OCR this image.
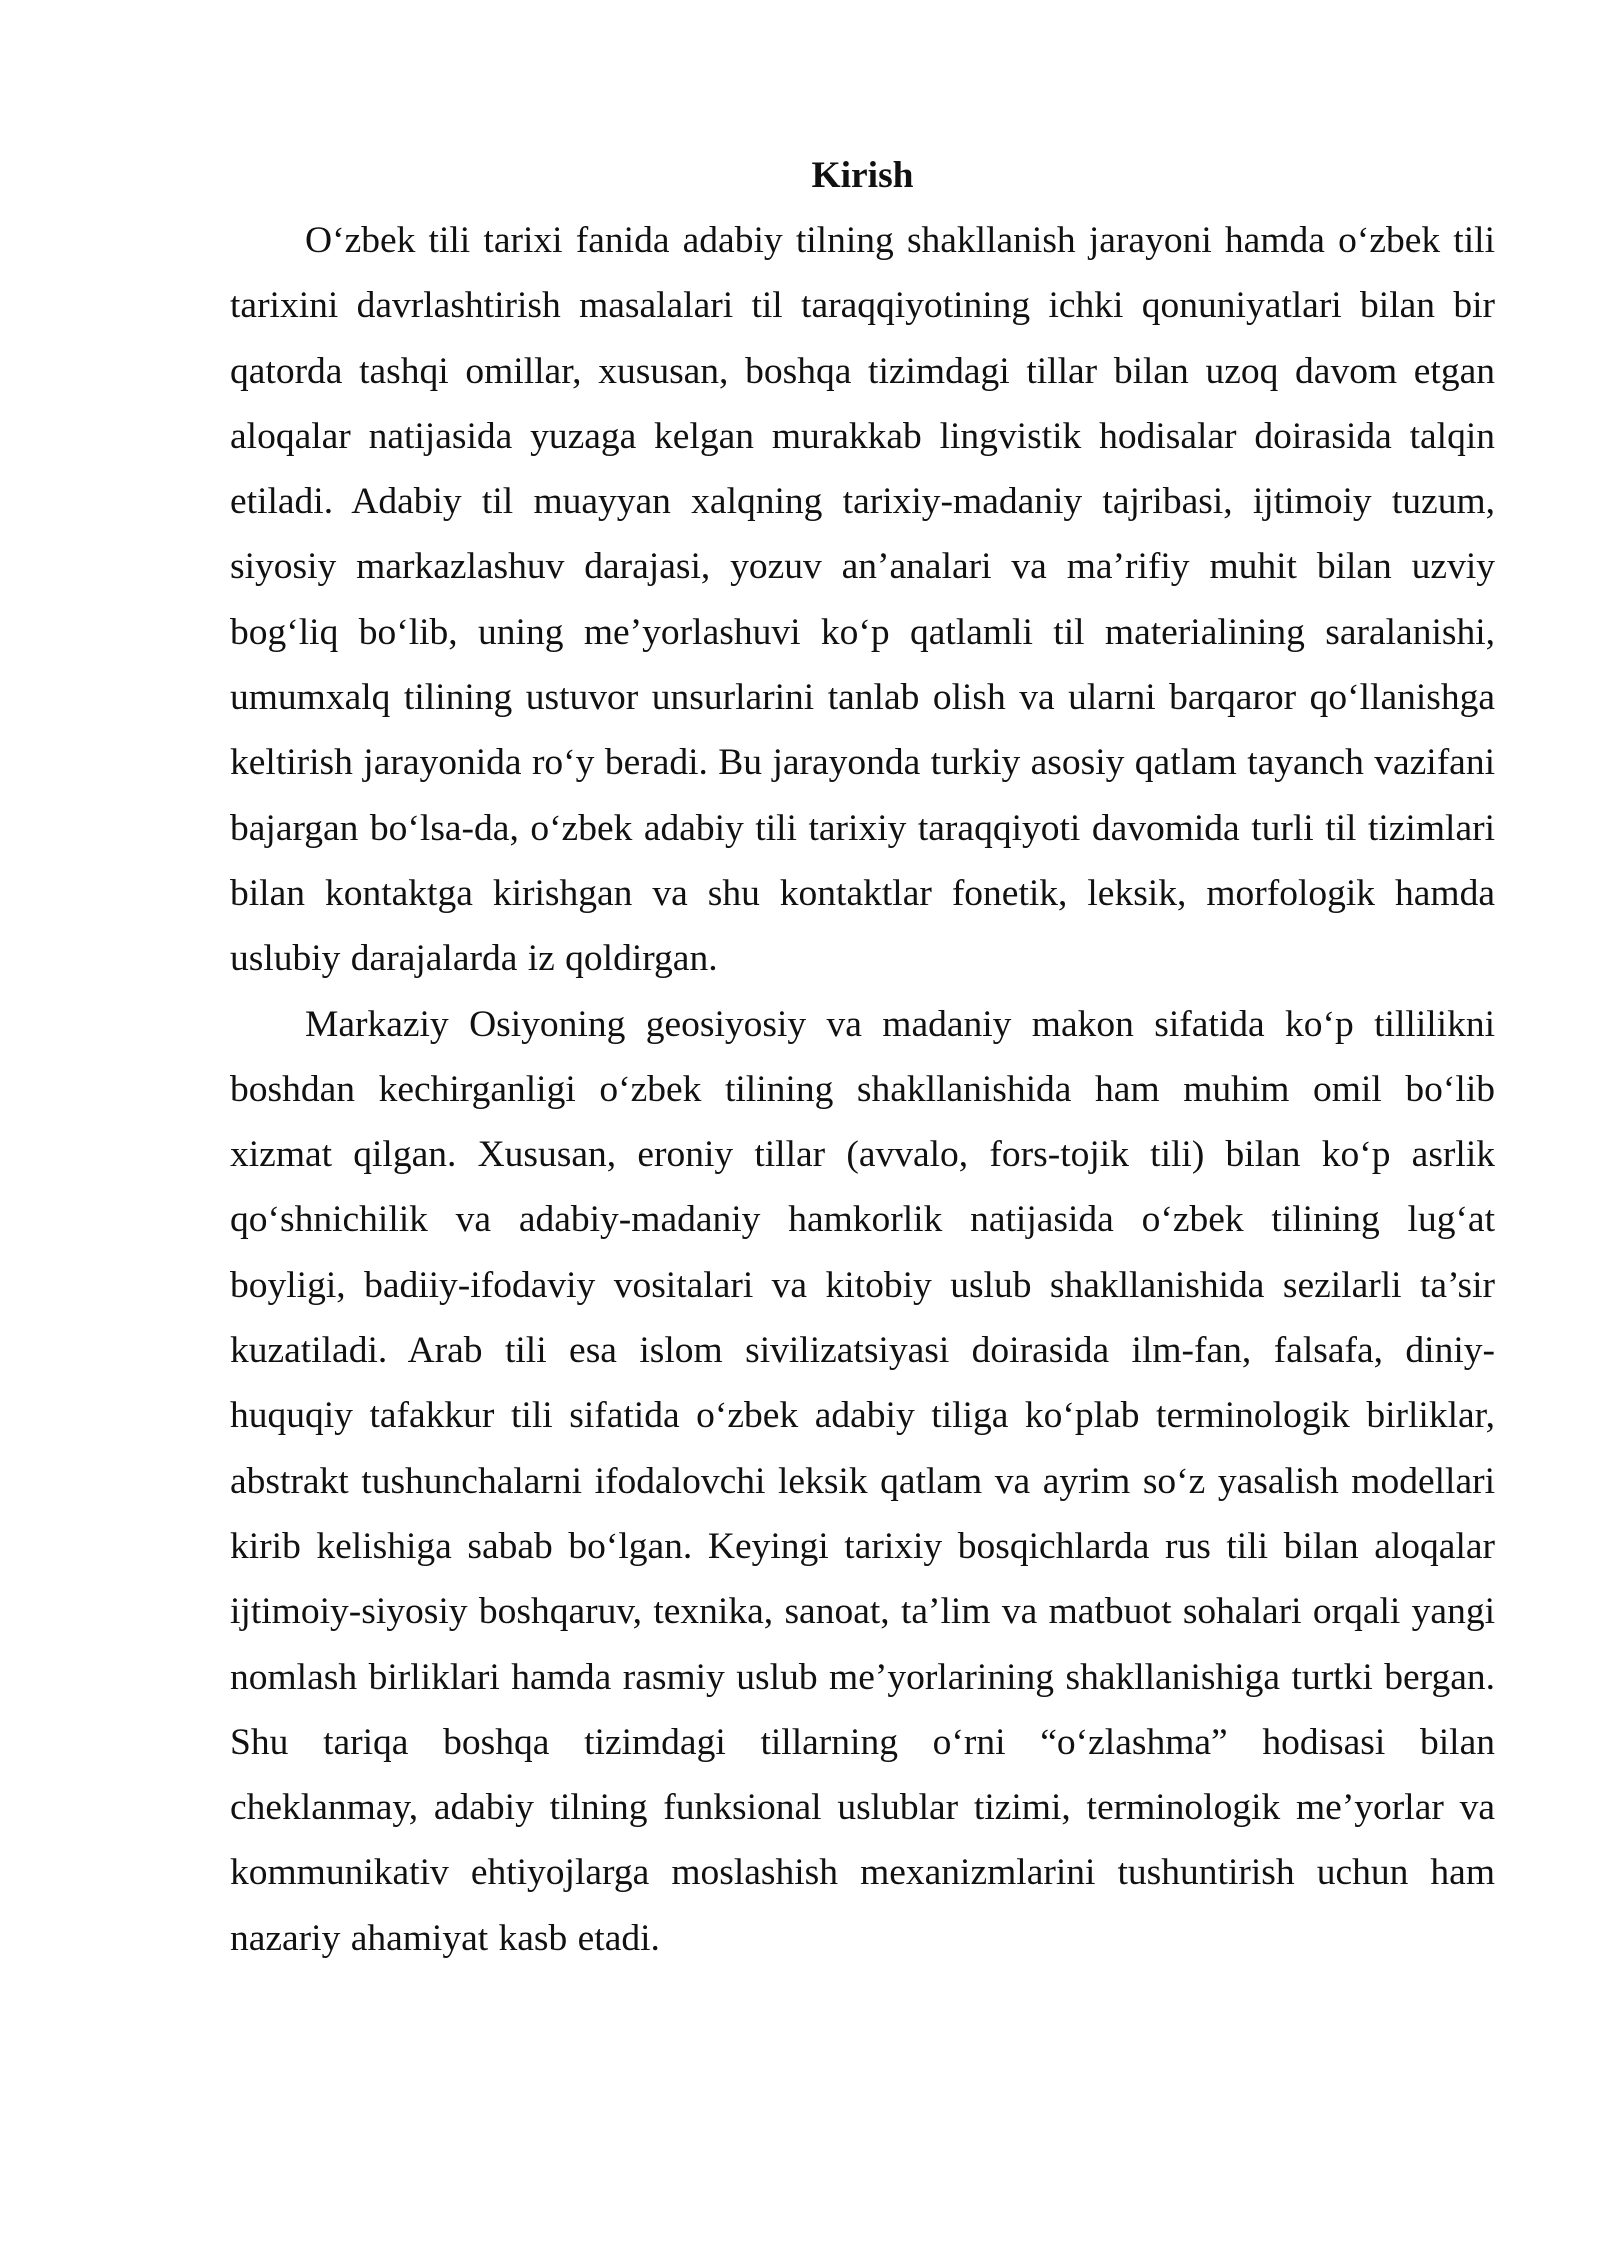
Kirish

O‘zbek tili tarixi fanida adabiy tilning shakllanish jarayoni hamda o‘zbek tili tarixini davrlashtirish masalalari til taraqqiyotining ichki qonuniyatlari bilan bir qatorda tashqi omillar, xususan, boshqa tizimdagi tillar bilan uzoq davom etgan aloqalar natijasida yuzaga kelgan murakkab lingvistik hodisalar doirasida talqin etiladi. Adabiy til muayyan xalqning tarixiy-madaniy tajribasi, ijtimoiy tuzum, siyosiy markazlashuv darajasi, yozuv an’analari va ma’rifiy muhit bilan uzviy bog‘liq bo‘lib, uning me’yorlashuvi ko‘p qatlamli til materialining saralanishi, umumxalq tilining ustuvor unsurlarini tanlab olish va ularni barqaror qo‘llanishga keltirish jarayonida ro‘y beradi. Bu jarayonda turkiy asosiy qatlam tayanch vazifani bajargan bo‘lsa-da, o‘zbek adabiy tili tarixiy taraqqiyoti davomida turli til tizimlari bilan kontaktga kirishgan va shu kontaktlar fonetik, leksik, morfologik hamda uslubiy darajalarda iz qoldirgan.

Markaziy Osiyoning geosiyosiy va madaniy makon sifatida ko‘p tillilikni boshdan kechirganligi o‘zbek tilining shakllanishida ham muhim omil bo‘lib xizmat qilgan. Xususan, eroniy tillar (avvalo, fors-tojik tili) bilan ko‘p asrlik qo‘shnichilik va adabiy-madaniy hamkorlik natijasida o‘zbek tilining lug‘at boyligi, badiiy-ifodaviy vositalari va kitobiy uslub shakllanishida sezilarli ta’sir kuzatiladi. Arab tili esa islom sivilizatsiyasi doirasida ilm-fan, falsafa, diniy-huquqiy tafakkur tili sifatida o‘zbek adabiy tiliga ko‘plab terminologik birliklar, abstrakt tushunchalarni ifodalovchi leksik qatlam va ayrim so‘z yasalish modellari kirib kelishiga sabab bo‘lgan. Keyingi tarixiy bosqichlarda rus tili bilan aloqalar ijtimoiy-siyosiy boshqaruv, texnika, sanoat, ta’lim va matbuot sohalari orqali yangi nomlash birliklari hamda rasmiy uslub me’yorlarining shakllanishiga turtki bergan. Shu tariqa boshqa tizimdagi tillarning o‘rni “o‘zlashma” hodisasi bilan cheklanmay, adabiy tilning funksional uslublar tizimi, terminologik me’yorlar va kommunikativ ehtiyojlarga moslashish mexanizmlarini tushuntirish uchun ham nazariy ahamiyat kasb etadi.
